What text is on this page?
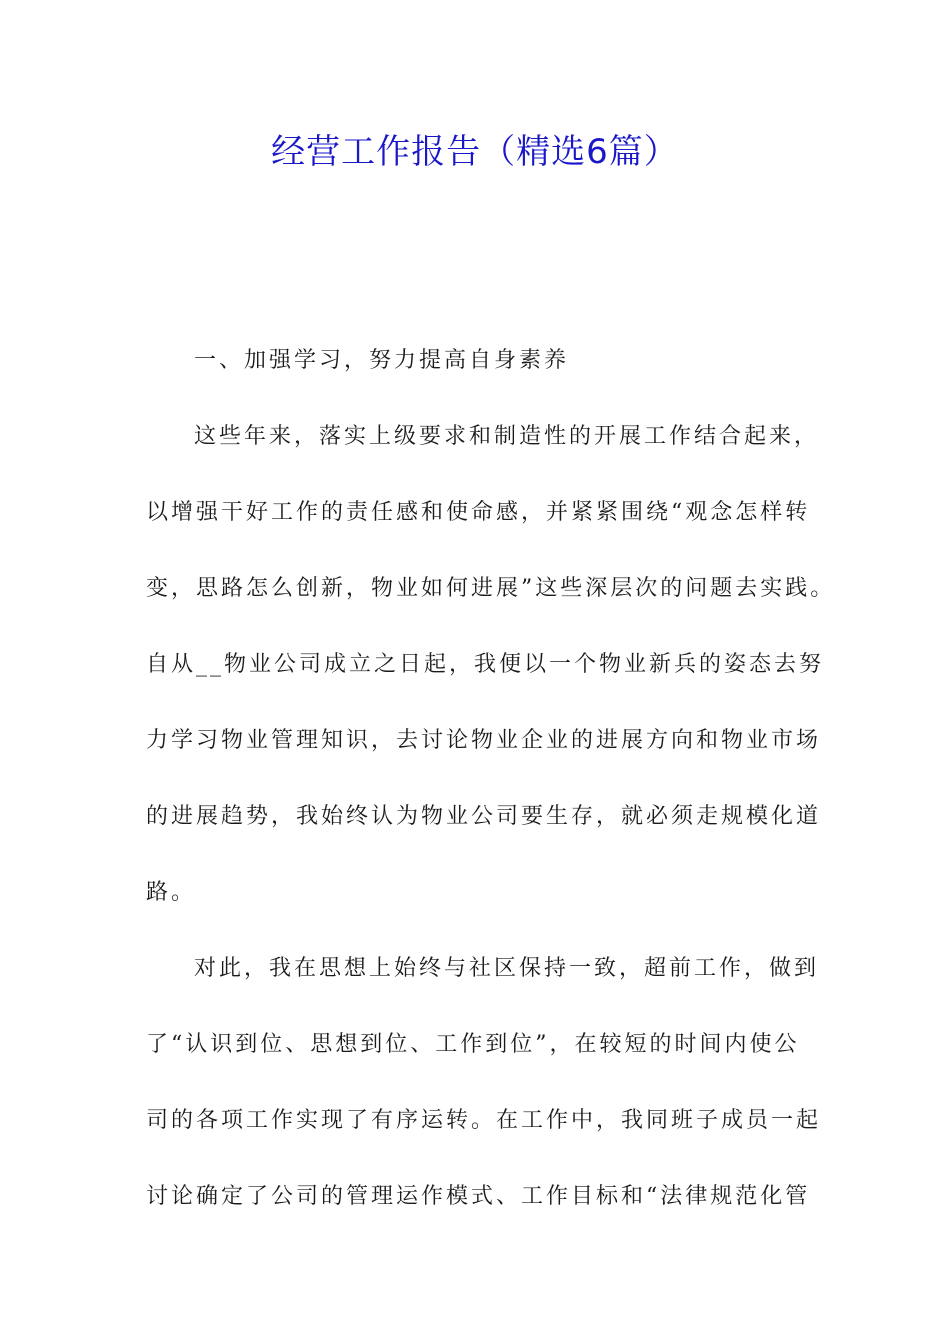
经营工作报告（精选6篇）
一、加强学习，努力提高自身素养
这些年来，落实上级要求和制造性的开展工作结合起来，
以增强干好工作的责任感和使命感，并紧紧围绕“观念怎样转
变，思路怎么创新，物业如何进展”这些深层次的问题去实践。
自从__物业公司成立之日起，我便以一个物业新兵的姿态去努
力学习物业管理知识，去讨论物业企业的进展方向和物业市场
的进展趋势，我始终认为物业公司要生存，就必须走规模化道
路。
对此，我在思想上始终与社区保持一致，超前工作，做到
了“认识到位、思想到位、工作到位”，在较短的时间内使公
司的各项工作实现了有序运转。在工作中，我同班子成员一起
讨论确定了公司的管理运作模式、工作目标和“法律规范化管
